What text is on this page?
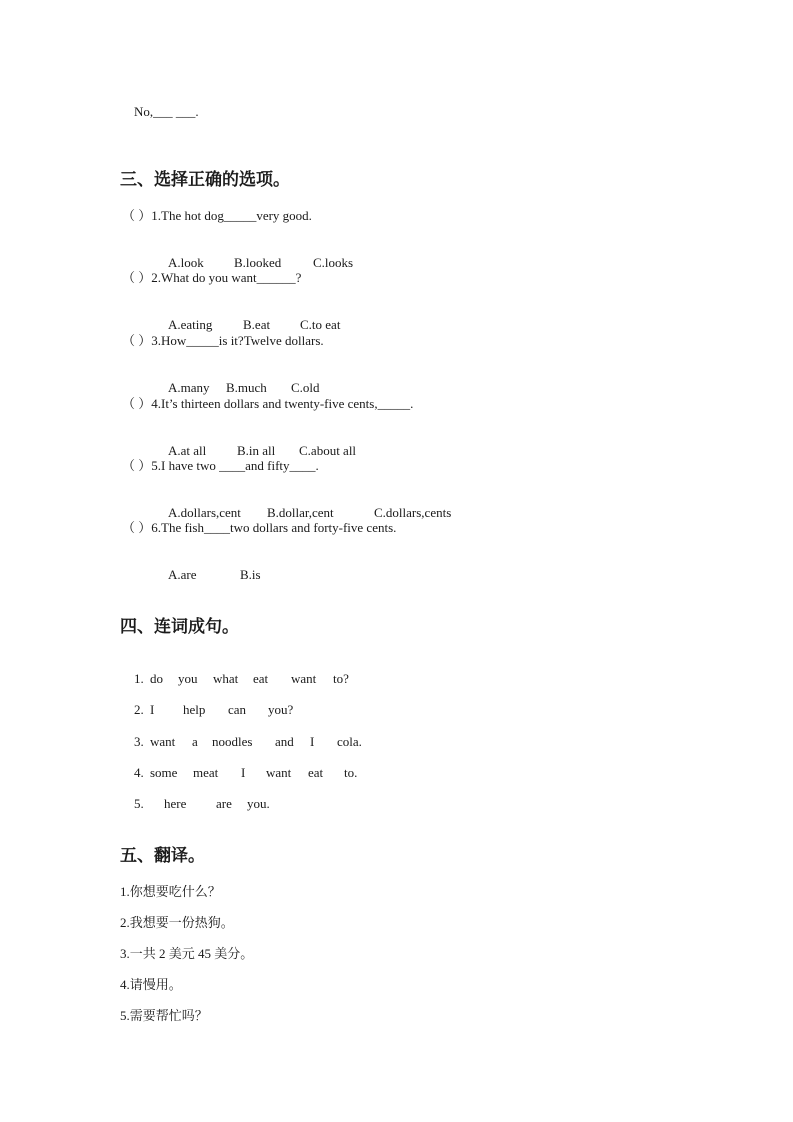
No,___ ___.
三、选择正确的选项。
（ ）1.The hot dog_____very good.

A.look B.looked C.looks

（ ）2.What do you want______?

A.eating B.eat C.to eat

（ ）3.How_____is it?Twelve dollars.

A.many B.much C.old

（ ）4.It’s thirteen dollars and twenty-five cents,_____.

A.at all B.in all C.about all

（ ）5.I have two ____and fifty____.

A.dollars,cent B.dollar,cent	C.dollars,cents

（ ）6.The fish____two dollars and forty-five cents.

A.are	B.is

四、连词成句。

1. do you what eat want to?

2. I help can you?

3. want a noodles and I cola.

4. some meat I want eat to.

5. here are you.

五、翻译。
1.你想要吃什么？
2.我想要一份热狗。
3.一共 2 美元 45 美分。
4.请慢用。
5.需要帮忙吗？
